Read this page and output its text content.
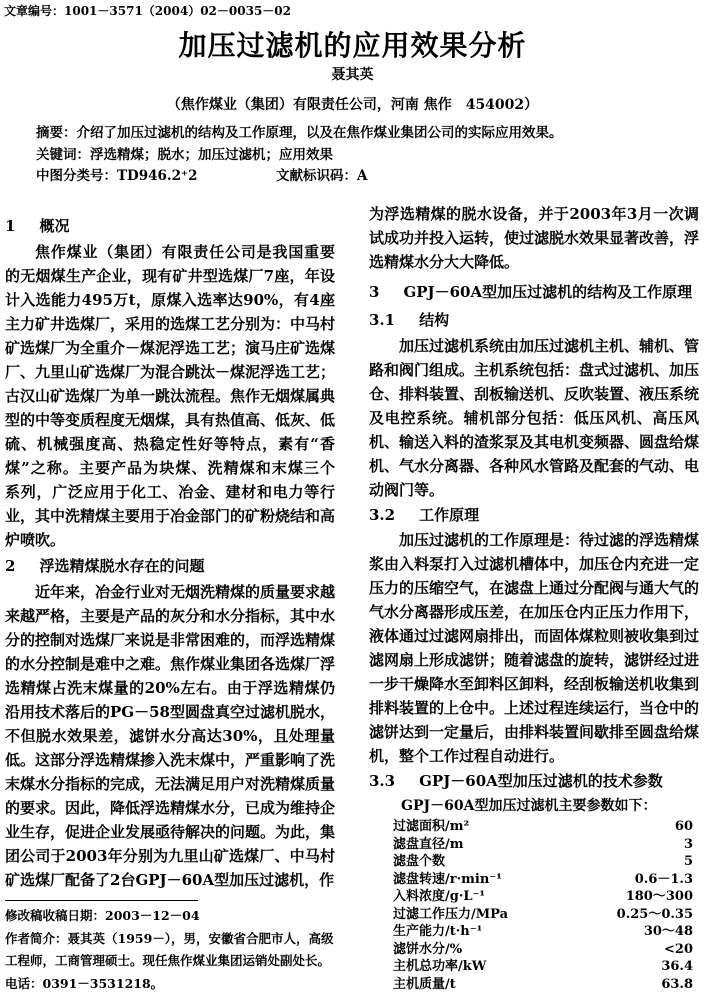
文章编号：1001－3571（2004）02－0035－02
加压过滤机的应用效果分析
聂其英
（焦作煤业（集团）有限责任公司，河南 焦作　454002）
摘要：介绍了加压过滤机的结构及工作原理，以及在焦作煤业集团公司的实际应用效果。
关键词：浮选精煤；脱水；加压过滤机；应用效果
中图分类号：TD946.2⁺2	文献标识码：A
1 概况
焦作煤业（集团）有限责任公司是我国重要
的无烟煤生产企业，现有矿井型选煤厂7座，年设
计入选能力495万t，原煤入选率达90%，有4座
主力矿井选煤厂，采用的选煤工艺分别为：中马村
矿选煤厂为全重介－煤泥浮选工艺；演马庄矿选煤
厂、九里山矿选煤厂为混合跳汰－煤泥浮选工艺；
古汉山矿选煤厂为单一跳汰流程。焦作无烟煤属典
型的中等变质程度无烟煤，具有热值高、低灰、低
硫、机械强度高、热稳定性好等特点，素有“香
煤”之称。主要产品为块煤、洗精煤和末煤三个
系列，广泛应用于化工、冶金、建材和电力等行
业，其中洗精煤主要用于冶金部门的矿粉烧结和高
炉喷吹。
2 浮选精煤脱水存在的问题
近年来，冶金行业对无烟洗精煤的质量要求越
来越严格，主要是产品的灰分和水分指标，其中水
分的控制对选煤厂来说是非常困难的，而浮选精煤
的水分控制是难中之难。焦作煤业集团各选煤厂浮
选精煤占洗末煤量的20%左右。由于浮选精煤仍
沿用技术落后的PG－58型圆盘真空过滤机脱水，
不但脱水效果差，滤饼水分高达30%，且处理量
低。这部分浮选精煤掺入洗末煤中，严重影响了洗
末煤水分指标的完成，无法满足用户对洗精煤质量
的要求。因此，降低浮选精煤水分，已成为维持企
业生存，促进企业发展亟待解决的问题。为此，集
团公司于2003年分别为九里山矿选煤厂、中马村
矿选煤厂配备了2台GPJ－60A型加压过滤机，作
修改稿收稿日期：2003－12－04
作者简介：聂其英（1959－），男，安徽省合肥市人，高级
工程师，工商管理硕士。现任焦作煤业集团运销处副处长。
电话：0391－3531218。
为浮选精煤的脱水设备，并于2003年3月一次调
试成功并投入运转，使过滤脱水效果显著改善，浮
选精煤水分大大降低。
3 GPJ－60A型加压过滤机的结构及工作原理
3.1 结构
加压过滤机系统由加压过滤机主机、辅机、管
路和阀门组成。主机系统包括：盘式过滤机、加压
仓、排料装置、刮板输送机、反吹装置、液压系统
及电控系统。辅机部分包括：低压风机、高压风
机、输送入料的渣浆泵及其电机变频器、圆盘给煤
机、气水分离器、各种风水管路及配套的气动、电
动阀门等。
3.2 工作原理
加压过滤机的工作原理是：待过滤的浮选精煤
浆由入料泵打入过滤机槽体中，加压仓内充进一定
压力的压缩空气，在滤盘上通过分配阀与通大气的
气水分离器形成压差，在加压仓内正压力作用下，
液体通过过滤网扇排出，而固体煤粒则被收集到过
滤网扇上形成滤饼；随着滤盘的旋转，滤饼经过进
一步干燥降水至卸料区卸料，经刮板输送机收集到
排料装置的上仓中。上述过程连续运行，当仓中的
滤饼达到一定量后，由排料装置间歇排至圆盘给煤
机，整个工作过程自动进行。
3.3 GPJ－60A型加压过滤机的技术参数
GPJ－60A型加压过滤机主要参数如下：
过滤面积/m²	60
滤盘直径/m	3
滤盘个数	5
滤盘转速/r·min⁻¹	0.6－1.3
入料浓度/g·L⁻¹	180～300
过滤工作压力/MPa	0.25～0.35
生产能力/t·h⁻¹	30～48
滤饼水分/%	<20
主机总功率/kW	36.4
主机质量/t	63.8
